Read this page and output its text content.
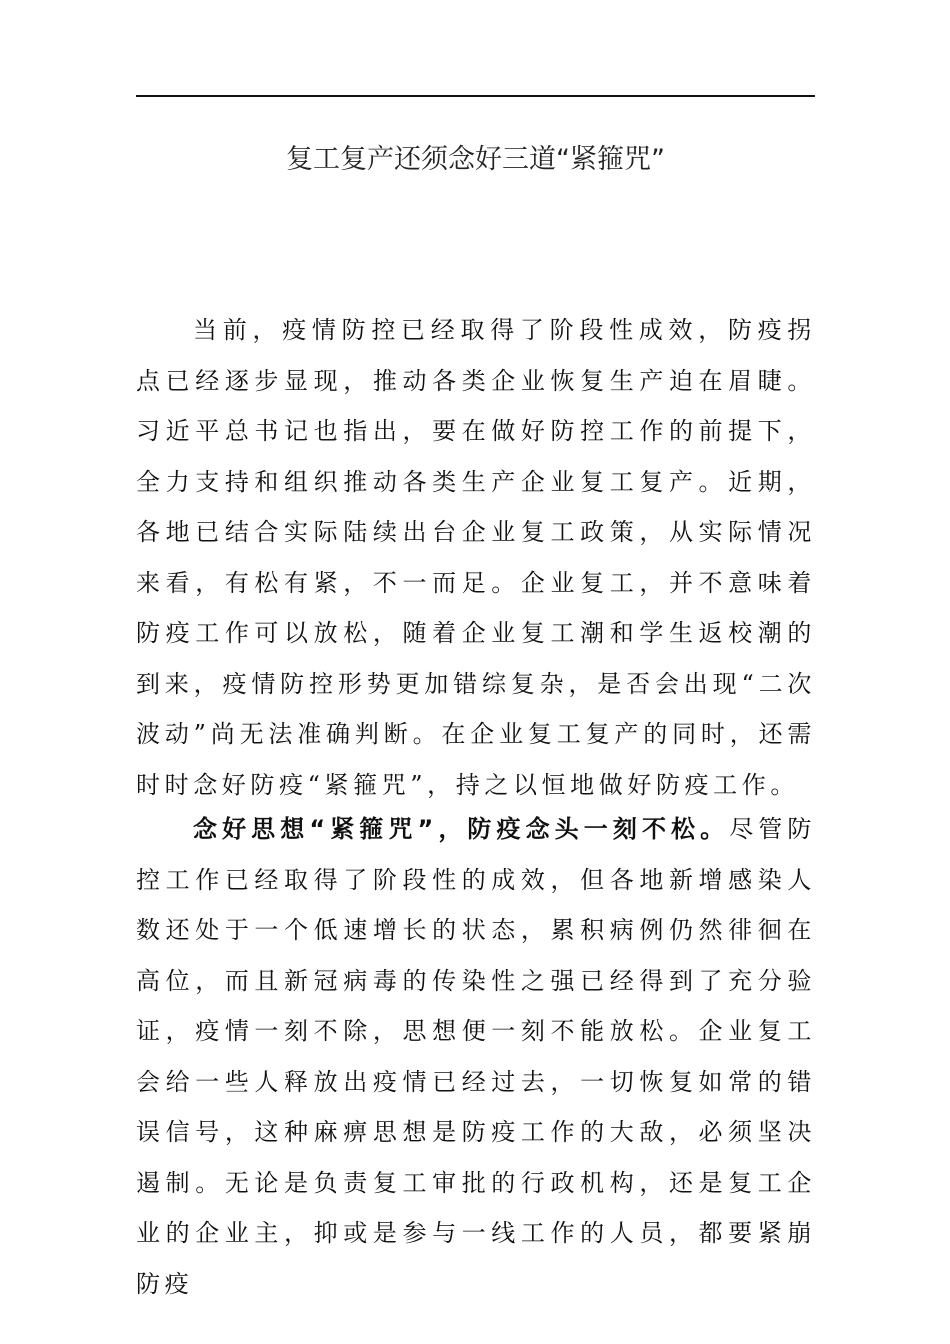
复工复产还须念好三道“紧箍咒”

当前，疫情防控已经取得了阶段性成效，防疫拐点已经逐步显现，推动各类企业恢复生产迫在眉睫。习近平总书记也指出，要在做好防控工作的前提下，全力支持和组织推动各类生产企业复工复产。近期，各地已结合实际陆续出台企业复工政策，从实际情况来看，有松有紧，不一而足。企业复工，并不意味着防疫工作可以放松，随着企业复工潮和学生返校潮的到来，疫情防控形势更加错综复杂，是否会出现“二次波动”尚无法准确判断。在企业复工复产的同时，还需时时念好防疫“紧箍咒”，持之以恒地做好防疫工作。

念好思想“紧箍咒”，防疫念头一刻不松。尽管防控工作已经取得了阶段性的成效，但各地新增感染人数还处于一个低速增长的状态，累积病例仍然徘徊在高位，而且新冠病毒的传染性之强已经得到了充分验证，疫情一刻不除，思想便一刻不能放松。企业复工会给一些人释放出疫情已经过去，一切恢复如常的错误信号，这种麻痹思想是防疫工作的大敌，必须坚决遏制。无论是负责复工审批的行政机构，还是复工企业的企业主，抑或是参与一线工作的人员，都要紧崩防疫
